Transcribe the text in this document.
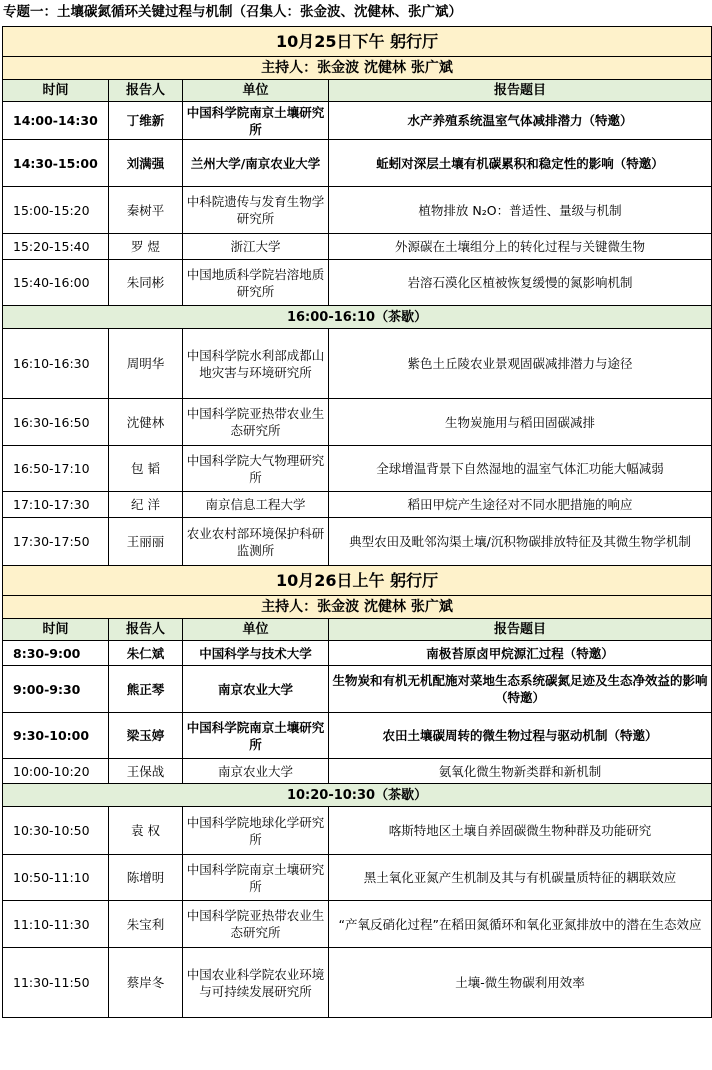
专题一：土壤碳氮循环关键过程与机制（召集人：张金波、沈健林、张广斌）
10月25日下午 躬行厅			
主持人：张金波 沈健林 张广斌			
时间	报告人	单位	报告题目
14:00-14:30	丁维新	中国科学院南京土壤研究所	水产养殖系统温室气体减排潜力（特邀）
14:30-15:00	刘满强	兰州大学/南京农业大学	蚯蚓对深层土壤有机碳累积和稳定性的影响（特邀）
15:00-15:20	秦树平	中科院遗传与发育生物学研究所	植物排放 N₂O：普适性、量级与机制
15:20-15:40	罗 煜	浙江大学	外源碳在土壤组分上的转化过程与关键微生物
15:40-16:00	朱同彬	中国地质科学院岩溶地质研究所	岩溶石漠化区植被恢复缓慢的氮影响机制
16:00-16:10（茶歇）			
16:10-16:30	周明华	中国科学院水利部成都山地灾害与环境研究所	紫色土丘陵农业景观固碳减排潜力与途径
16:30-16:50	沈健林	中国科学院亚热带农业生态研究所	生物炭施用与稻田固碳减排
16:50-17:10	包 韬	中国科学院大气物理研究所	全球增温背景下自然湿地的温室气体汇功能大幅减弱
17:10-17:30	纪 洋	南京信息工程大学	稻田甲烷产生途径对不同水肥措施的响应
17:30-17:50	王丽丽	农业农村部环境保护科研监测所	典型农田及毗邻沟渠土壤/沉积物碳排放特征及其微生物学机制
10月26日上午 躬行厅			
主持人：张金波 沈健林 张广斌			
时间	报告人	单位	报告题目
8:30-9:00	朱仁斌	中国科学与技术大学	南极苔原卤甲烷源汇过程（特邀）
9:00-9:30	熊正琴	南京农业大学	生物炭和有机无机配施对菜地生态系统碳氮足迹及生态净效益的影响（特邀）
9:30-10:00	梁玉婷	中国科学院南京土壤研究所	农田土壤碳周转的微生物过程与驱动机制（特邀）
10:00-10:20	王保战	南京农业大学	氨氧化微生物新类群和新机制
10:20-10:30（茶歇）			
10:30-10:50	袁 权	中国科学院地球化学研究所	喀斯特地区土壤自养固碳微生物种群及功能研究
10:50-11:10	陈增明	中国科学院南京土壤研究所	黑土氧化亚氮产生机制及其与有机碳量质特征的耦联效应
11:10-11:30	朱宝利	中国科学院亚热带农业生态研究所	“产氧反硝化过程”在稻田氮循环和氧化亚氮排放中的潜在生态效应
11:30-11:50	蔡岸冬	中国农业科学院农业环境与可持续发展研究所	土壤-微生物碳利用效率
